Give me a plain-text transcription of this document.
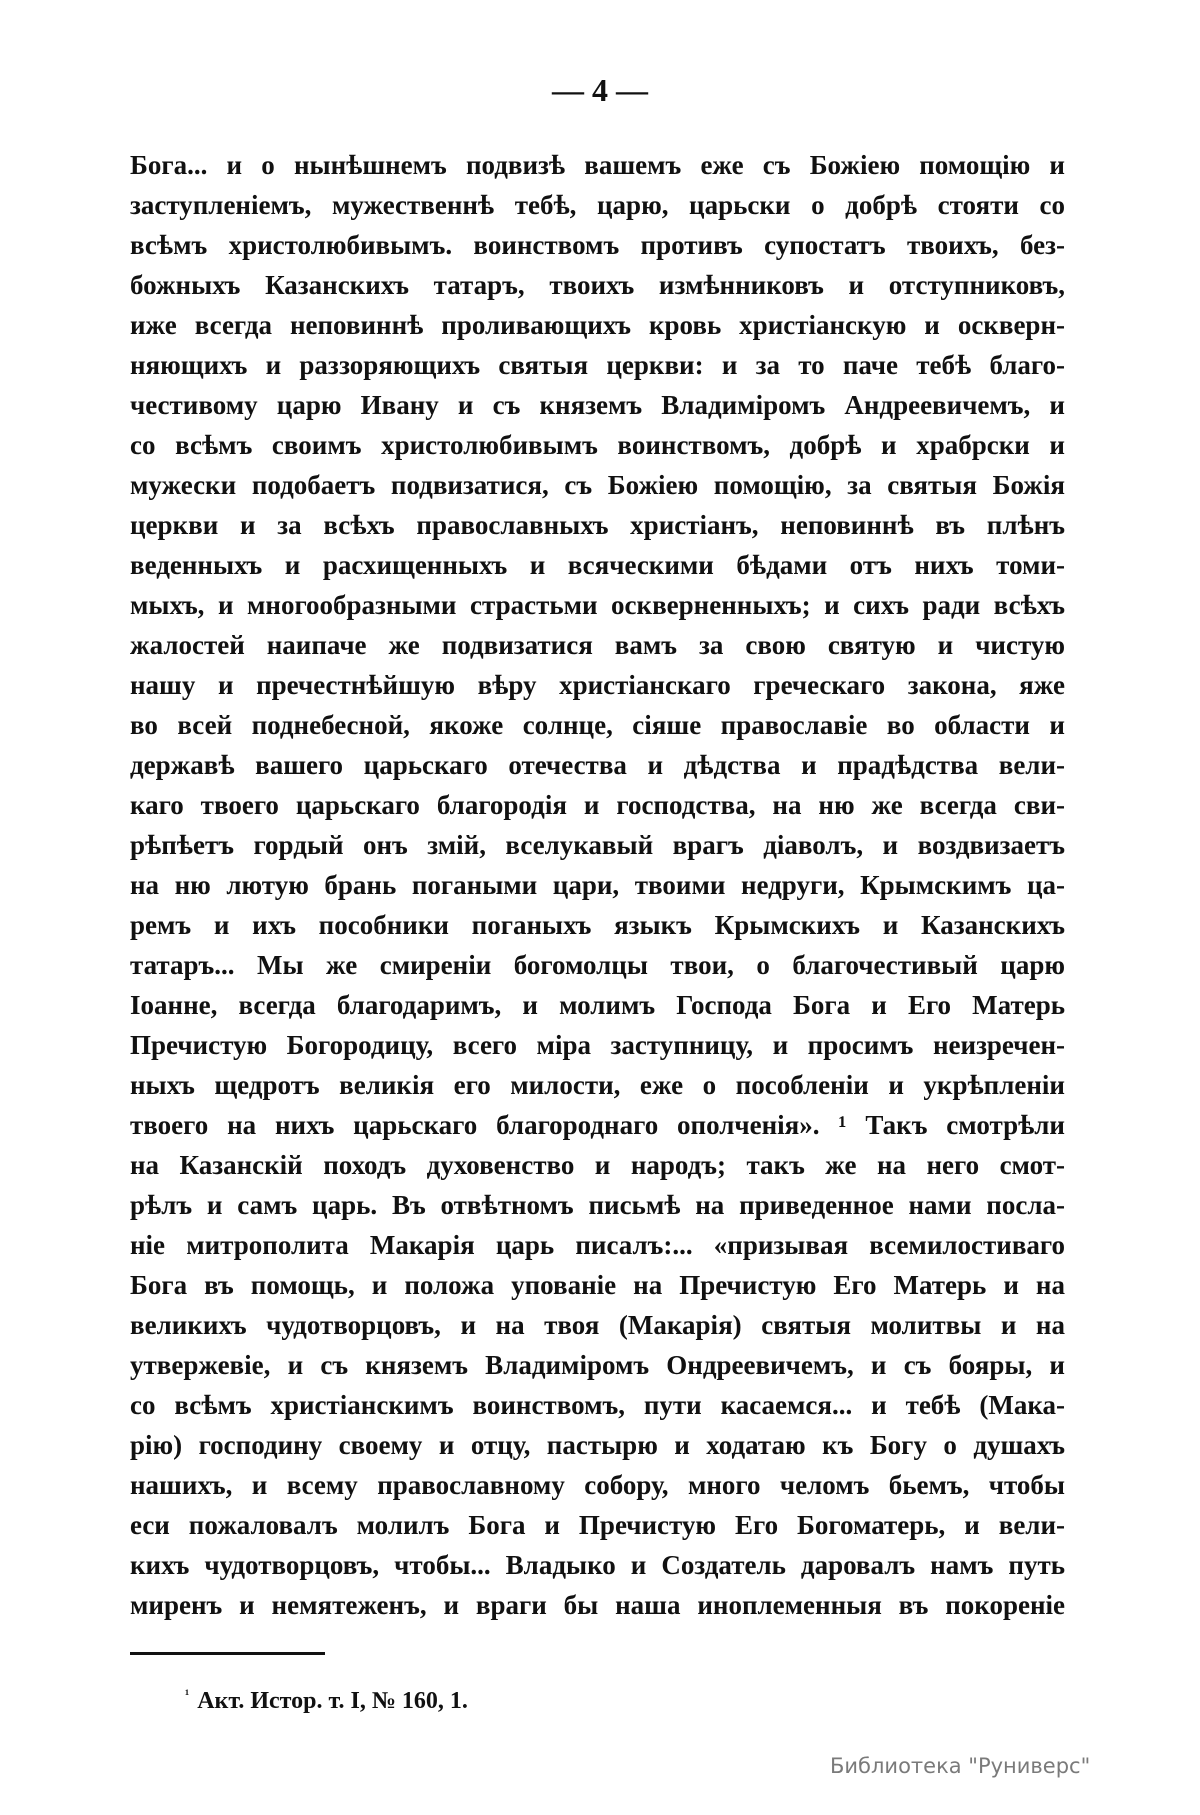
— 4 —
Бога... и о нынѣшнемъ подвизѣ вашемъ еже съ Божіею помощію и
заступленіемъ, мужественнѣ тебѣ, царю, царьски о добрѣ стояти со
всѣмъ христолюбивымъ. воинствомъ противъ супостатъ твоихъ, без-
божныхъ Казанскихъ татаръ, твоихъ измѣнниковъ и отступниковъ,
иже всегда неповиннѣ проливающихъ кровь христіанскую и оскверн-
няющихъ и раззоряющихъ святыя церкви: и за то паче тебѣ благо-
честивому царю Ивану и съ княземъ Владиміромъ Андреевичемъ, и
со всѣмъ своимъ христолюбивымъ воинствомъ, добрѣ и храбрски и
мужески подобаетъ подвизатися, съ Божіею помощію, за святыя Божія
церкви и за всѣхъ православныхъ христіанъ, неповиннѣ въ плѣнъ
веденныхъ и расхищенныхъ и всяческими бѣдами отъ нихъ томи-
мыхъ, и многообразными страстьми оскверненныхъ; и сихъ ради всѣхъ
жалостей наипаче же подвизатися вамъ за свою святую и чистую
нашу и пречестнѣйшую вѣру христіанскаго греческаго закона, яже
во всей поднебесной, якоже солнце, сіяше православіе во области и
державѣ вашего царьскаго отечества и дѣдства и прадѣдства вели-
каго твоего царьскаго благородія и господства, на ню же всегда сви-
рѣпѣетъ гордый онъ змій, вселукавый врагъ діаволъ, и воздвизаетъ
на ню лютую брань погаными цари, твоими недруги, Крымскимъ ца-
ремъ и ихъ пособники поганыхъ языкъ Крымскихъ и Казанскихъ
татаръ... Мы же смиреніи богомолцы твои, о благочестивый царю
Іоанне, всегда благодаримъ, и молимъ Господа Бога и Его Матерь
Пречистую Богородицу, всего міра заступницу, и просимъ неизречен-
ныхъ щедротъ великія его милости, еже о пособленіи и укрѣпленіи
твоего на нихъ царьскаго благороднаго ополченія». ¹ Такъ смотрѣли
на Казанскій походъ духовенство и народъ; такъ же на него смот-
рѣлъ и самъ царь. Въ отвѣтномъ письмѣ на приведенное нами посла-
ніе митрополита Макарія царь писалъ:... «призывая всемилостиваго
Бога въ помощь, и положа упованіе на Пречистую Его Матерь и на
великихъ чудотворцовъ, и на твоя (Макарія) святыя молитвы и на
утвержевіе, и съ княземъ Владиміромъ Ондреевичемъ, и съ бояры, и
со всѣмъ христіанскимъ воинствомъ, пути касаемся... и тебѣ (Мака-
рію) господину своему и отцу, пастырю и ходатаю къ Богу о душахъ
нашихъ, и всему православному собору, много челомъ бьемъ, чтобы
еси пожаловалъ молилъ Бога и Пречистую Его Богоматерь, и вели-
кихъ чудотворцовъ, чтобы... Владыко и Создатель даровалъ намъ путь
миренъ и немятеженъ, и враги бы наша иноплеменныя въ покореніе
$^{^1}$ Акт. Истор. т. I, № 160, 1.
Библиотека "Руниверс"
